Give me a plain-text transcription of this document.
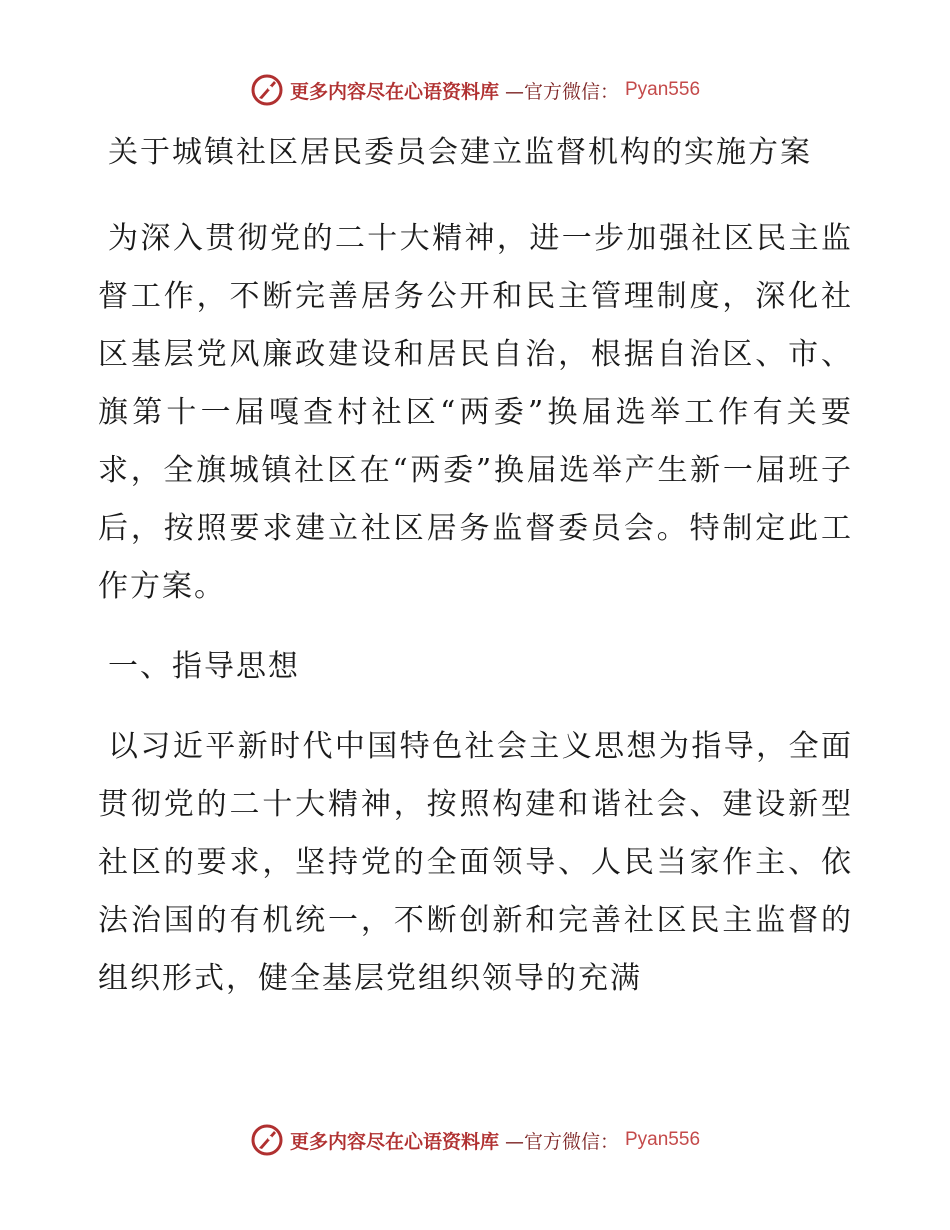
更多内容尽在心语资料库 —官方微信： Pyan556

关于城镇社区居民委员会建立监督机构的实施方案

为深入贯彻党的二十大精神，进一步加强社区民主监督工作，不断完善居务公开和民主管理制度，深化社区基层党风廉政建设和居民自治，根据自治区、市、旗第十一届嘎查村社区“两委”换届选举工作有关要求，全旗城镇社区在“两委”换届选举产生新一届班子后，按照要求建立社区居务监督委员会。特制定此工作方案。

一、指导思想

以习近平新时代中国特色社会主义思想为指导，全面贯彻党的二十大精神，按照构建和谐社会、建设新型社区的要求，坚持党的全面领导、人民当家作主、依法治国的有机统一，不断创新和完善社区民主监督的组织形式，健全基层党组织领导的充满

更多内容尽在心语资料库 —官方微信： Pyan556
